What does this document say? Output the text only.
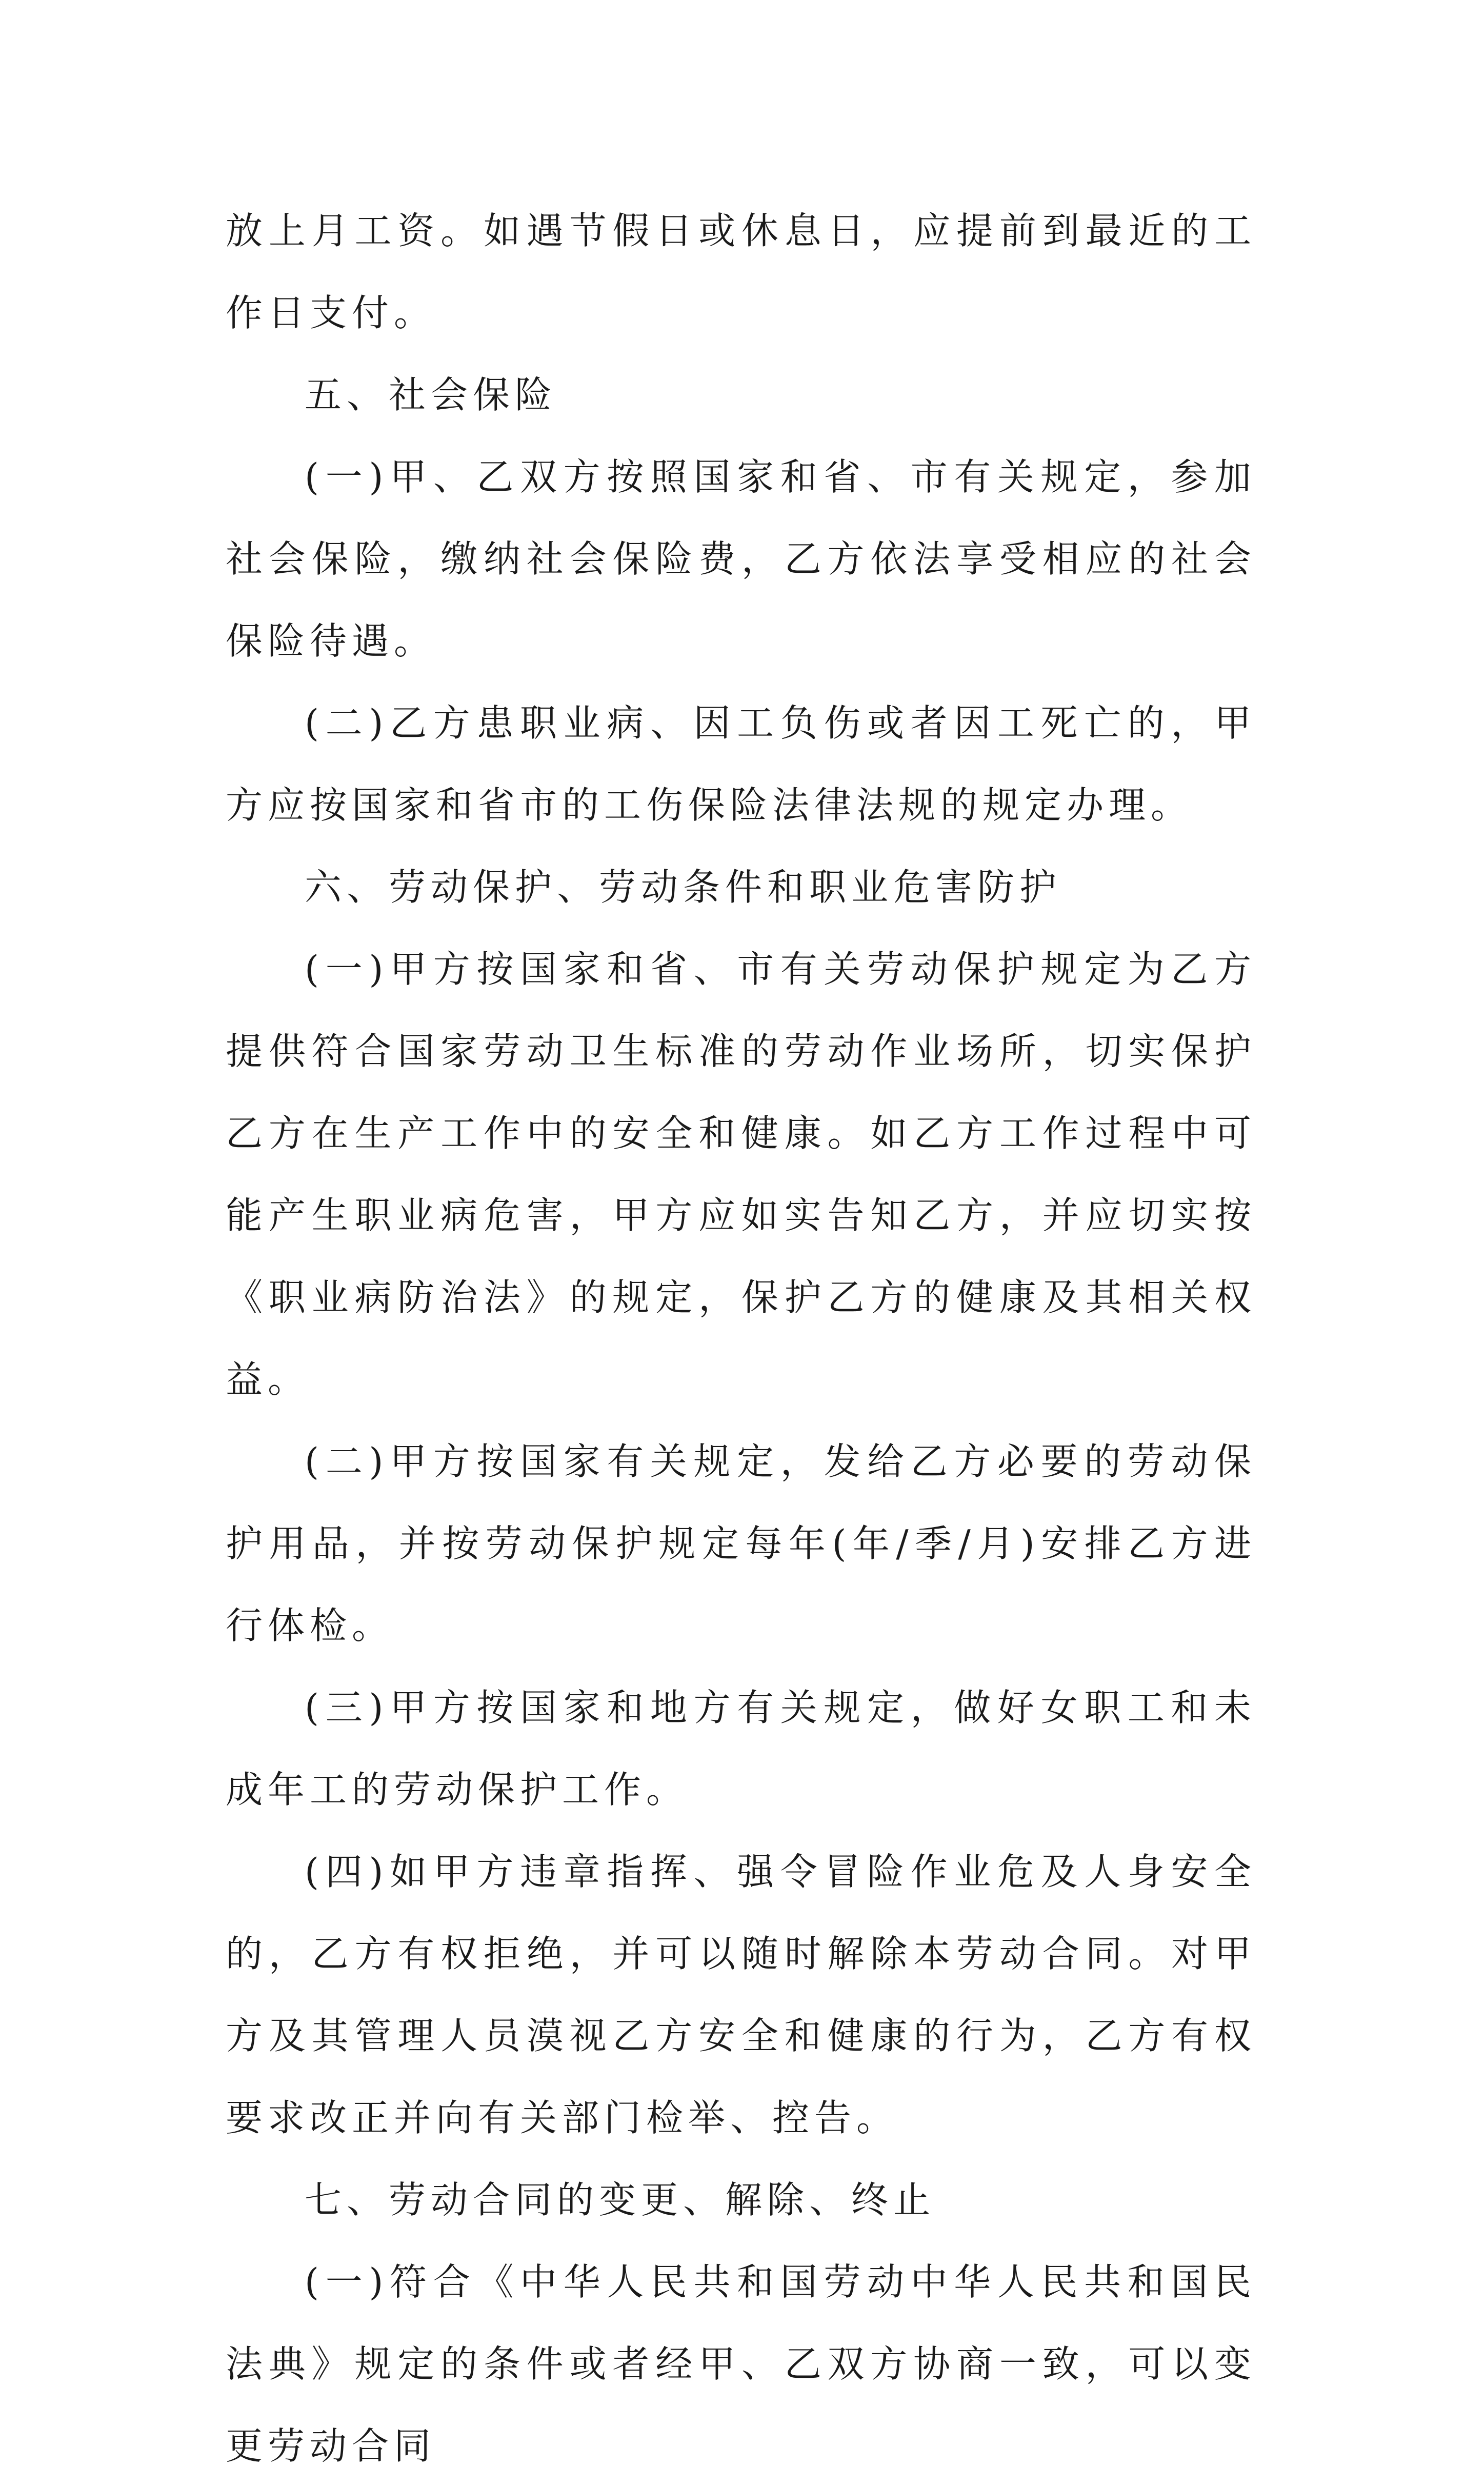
放上月工资。如遇节假日或休息日，应提前到最近的工作日支付。

五、社会保险

(一)甲、乙双方按照国家和省、市有关规定，参加社会保险，缴纳社会保险费，乙方依法享受相应的社会保险待遇。

(二)乙方患职业病、因工负伤或者因工死亡的，甲方应按国家和省市的工伤保险法律法规的规定办理。

六、劳动保护、劳动条件和职业危害防护

(一)甲方按国家和省、市有关劳动保护规定为乙方提供符合国家劳动卫生标准的劳动作业场所，切实保护乙方在生产工作中的安全和健康。如乙方工作过程中可能产生职业病危害，甲方应如实告知乙方，并应切实按《职业病防治法》的规定，保护乙方的健康及其相关权益。

(二)甲方按国家有关规定，发给乙方必要的劳动保护用品，并按劳动保护规定每年(年/季/月)安排乙方进行体检。

(三)甲方按国家和地方有关规定，做好女职工和未成年工的劳动保护工作。

(四)如甲方违章指挥、强令冒险作业危及人身安全的，乙方有权拒绝，并可以随时解除本劳动合同。对甲方及其管理人员漠视乙方安全和健康的行为，乙方有权要求改正并向有关部门检举、控告。

七、劳动合同的变更、解除、终止

(一)符合《中华人民共和国劳动中华人民共和国民法典》规定的条件或者经甲、乙双方协商一致，可以变更劳动合同
